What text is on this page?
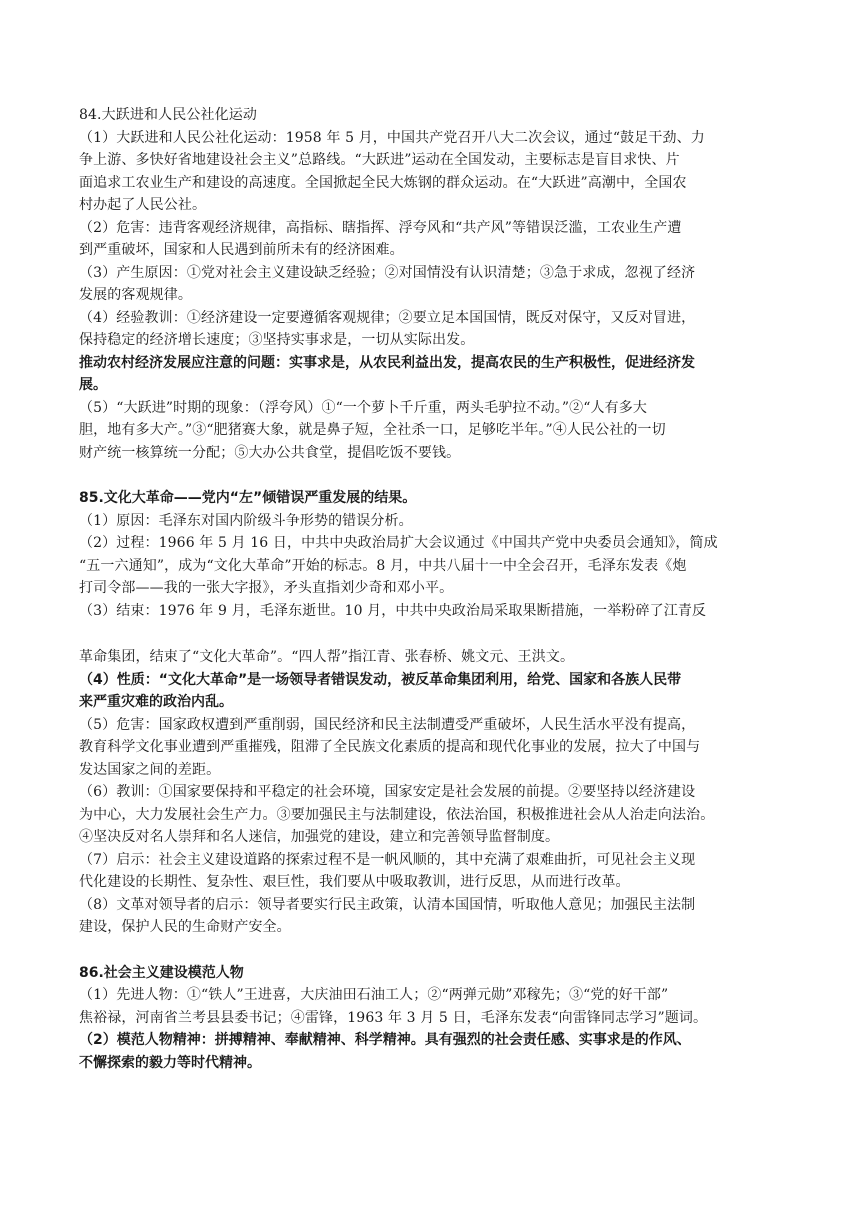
84.大跃进和人民公社化运动
（1）大跃进和人民公社化运动：1958 年 5 月，中国共产党召开八大二次会议，通过“鼓足干劲、力
争上游、多快好省地建设社会主义”总路线。“大跃进”运动在全国发动，主要标志是盲目求快、片
面追求工农业生产和建设的高速度。全国掀起全民大炼钢的群众运动。在“大跃进”高潮中，全国农
村办起了人民公社。
（2）危害：违背客观经济规律，高指标、瞎指挥、浮夸风和“共产风”等错误泛滥，工农业生产遭
到严重破坏，国家和人民遇到前所未有的经济困难。
（3）产生原因：①党对社会主义建设缺乏经验；②对国情没有认识清楚；③急于求成，忽视了经济
发展的客观规律。
（4）经验教训：①经济建设一定要遵循客观规律；②要立足本国国情，既反对保守，又反对冒进，
保持稳定的经济增长速度；③坚持实事求是，一切从实际出发。
推动农村经济发展应注意的问题：实事求是，从农民利益出发，提高农民的生产积极性，促进经济发
展。
（5）“大跃进”时期的现象：（浮夸风）①“一个萝卜千斤重，两头毛驴拉不动。”②“人有多大
胆，地有多大产。”③“肥猪赛大象，就是鼻子短，全社杀一口，足够吃半年。”④人民公社的一切
财产统一核算统一分配；⑤大办公共食堂，提倡吃饭不要钱。
85.文化大革命——党内“左”倾错误严重发展的结果。
（1）原因：毛泽东对国内阶级斗争形势的错误分析。
（2）过程：1966 年 5 月 16 日，中共中央政治局扩大会议通过《中国共产党中央委员会通知》，简成
“五一六通知”，成为“文化大革命”开始的标志。8 月，中共八届十一中全会召开，毛泽东发表《炮
打司令部——我的一张大字报》，矛头直指刘少奇和邓小平。
（3）结束：1976 年 9 月，毛泽东逝世。10 月，中共中央政治局采取果断措施，一举粉碎了江青反
革命集团，结束了“文化大革命”。“四人帮”指江青、张春桥、姚文元、王洪文。
（4）性质：“文化大革命”是一场领导者错误发动，被反革命集团利用，给党、国家和各族人民带
来严重灾难的政治内乱。
（5）危害：国家政权遭到严重削弱，国民经济和民主法制遭受严重破坏，人民生活水平没有提高，
教育科学文化事业遭到严重摧残，阻滞了全民族文化素质的提高和现代化事业的发展，拉大了中国与
发达国家之间的差距。
（6）教训：①国家要保持和平稳定的社会环境，国家安定是社会发展的前提。②要坚持以经济建设
为中心，大力发展社会生产力。③要加强民主与法制建设，依法治国，积极推进社会从人治走向法治。
④坚决反对名人崇拜和名人迷信，加强党的建设，建立和完善领导监督制度。
（7）启示：社会主义建设道路的探索过程不是一帆风顺的，其中充满了艰难曲折，可见社会主义现
代化建设的长期性、复杂性、艰巨性，我们要从中吸取教训，进行反思，从而进行改革。
（8）文革对领导者的启示：领导者要实行民主政策，认清本国国情，听取他人意见；加强民主法制
建设，保护人民的生命财产安全。
86.社会主义建设模范人物
（1）先进人物：①“铁人”王进喜，大庆油田石油工人；②“两弹元勋”邓稼先；③“党的好干部”
焦裕禄，河南省兰考县县委书记；④雷锋，1963 年 3 月 5 日，毛泽东发表“向雷锋同志学习”题词。
（2）模范人物精神：拼搏精神、奉献精神、科学精神。具有强烈的社会责任感、实事求是的作风、
不懈探索的毅力等时代精神。
